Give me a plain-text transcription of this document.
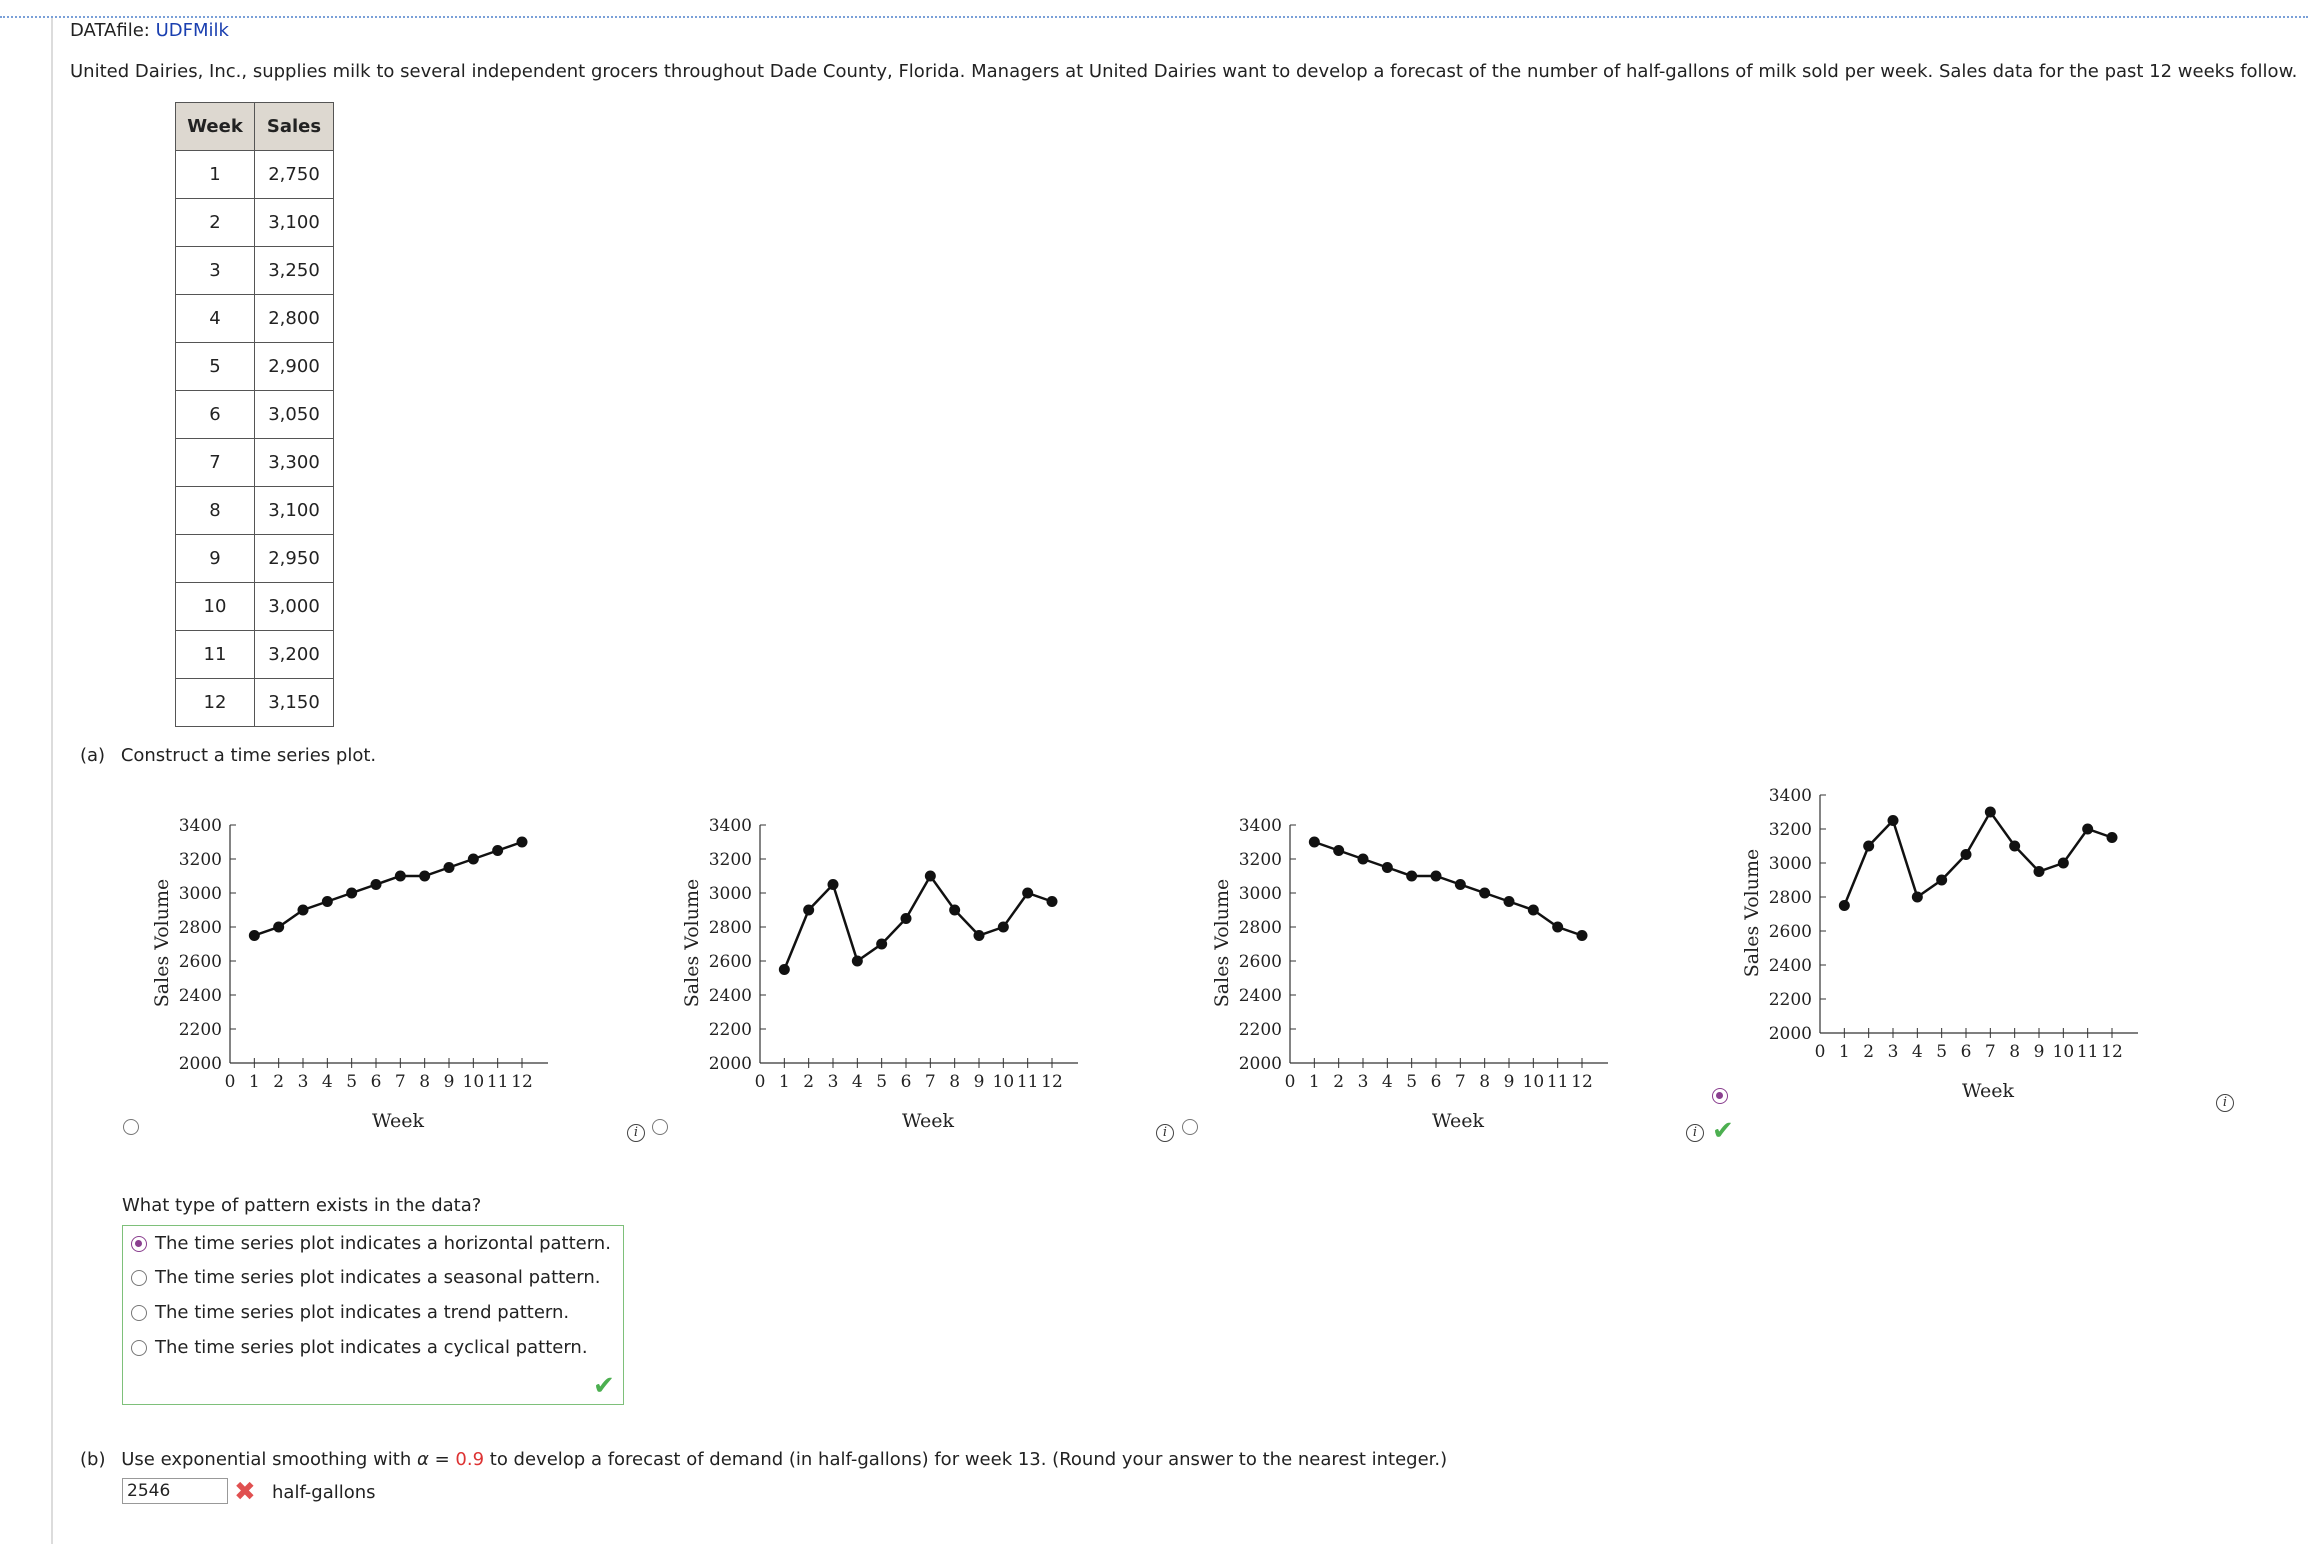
DATAfile: UDFMilk
United Dairies, Inc., supplies milk to several independent grocers throughout Dade County, Florida. Managers at United Dairies want to develop a forecast of the number of half-gallons of milk sold per week. Sales data for the past 12 weeks follow.
Week	Sales
1	2,750
2	3,100
3	3,250
4	2,800
5	2,900
6	3,050
7	3,300
8	3,100
9	2,950
10	3,000
11	3,200
12	3,150
(a) Construct a time series plot.
2000
2200
2400
2600
2800
3000
3200
3400
0 1 2 3 4 5 6 7 8 9 10 11 12
Week
Sales Volume
2000
2200
2400
2600
2800
3000
3200
3400
0 1 2 3 4 5 6 7 8 9 10 11 12
Week
Sales Volume
2000
2200
2400
2600
2800
3000
3200
3400
0 1 2 3 4 5 6 7 8 9 10 11 12
Week
Sales Volume
2000
2200
2400
2600
2800
3000
3200
3400
0 1 2 3 4 5 6 7 8 9 10 11 12
Week
Sales Volume
i	i	i ✔
i
What type of pattern exists in the data?
The time series plot indicates a horizontal pattern.
The time series plot indicates a seasonal pattern.
The time series plot indicates a trend pattern.
The time series plot indicates a cyclical pattern.
✔
(b) Use exponential smoothing with α = 0.9 to develop a forecast of demand (in half-gallons) for week 13. (Round your answer to the nearest integer.)
2546
✖ half-gallons
